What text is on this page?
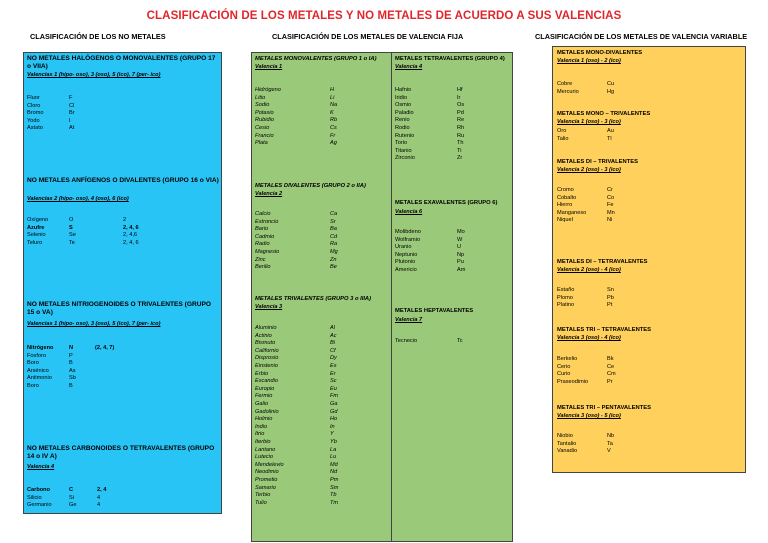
CLASIFICACIÓN DE LOS METALES Y NO METALES DE ACUERDO A SUS VALENCIAS
CLASIFICACIÓN DE LOS NO METALES	CLASIFICACIÓN DE LOS METALES DE VALENCIA FIJA	CLASIFICACIÓN DE LOS METALES DE VALENCIA VARIABLE
NO METALES HALÓGENOS O MONOVALENTES (GRUPO 17 o VIIA)
Valencias 1 (hipo- oso), 3 (oso), 5 (ico), 7 (per- ico)
Fluor	F
Cloro	Cl
Bromo	Br
Yodo	I
Astato	At
NO METALES ANFÍGENOS O DIVALENTES (GRUPO 16 o VIA)
Valencias 2 (hipo- oso), 4 (oso), 6 (ico)
Oxígeno	O	2
Azufre	S	2, 4, 6
Selenio	Se	2, 4,6
Teluro	Te	2, 4, 6
NO METALES NITRIOGENOIDES O TRIVALENTES (GRUPO 15 o VA)
Valencias 1 (hipo- oso), 3 (oso), 5 (ico), 7 (per- ico)
Nitrógeno	N	(2, 4, 7)
Fosforo	P
Boro	B
Arsénico	As
Antimonio	Sb
Boro	B
NO METALES CARBONOIDES O TETRAVALENTES (GRUPO 14 o IV A)
Valencia 4
Carbono	C	2, 4
Silicio	Si	4
Germanio	Ge	4
METALES MONOVALENTES (GRUPO 1 o IA)
Valencia 1
Hidrógeno	H
Litio	Li
Sodio	Na
Potasio	K
Rubidio	Rb
Cesio	Cs
Francio	Fr
Plata	Ag
METALES DIVALENTES (GRUPO 2 o IIA)
Valencia 2
Calcio	Ca
Estroncio	Sr
Bario	Ba
Cadmio	Cd
Radio	Ra
Magnesio	Mg
Zinc	Zn
Berilio	Be
METALES TRIVALENTES (GRUPO 3 o IIIA)
Valencia 3
Aluminio	Al
Actinio	Ac
Bismuto	Bi
Californio	Cf
Disprosio	Dy
Einstenio	Es
Erbio	Er
Escandio	Sc
Europio	Eu
Fermio	Fm
Galio	Ga
Gadolinio	Gd
Holmio	Ho
Indio	In
Itrio	Y
Iterbio	Yb
Lantano	La
Lutecio	Lu
Mendelevio	Md
Neodimio	Nd
Prometio	Pm
Samario	Sm
Terbio	Tb
Tulio	Tm
METALES TETRAVALENTES (GRUPO 4)
Valencia 4
Hafnio	Hf
Iridio	Ir
Osmio	Os
Paladio	Pd
Renio	Re
Rodio	Rh
Rutenio	Ru
Torio	Th
Titanio	Ti
Zirconio	Zr
METALES EXAVALENTES (GRUPO 6)
Valencia 6
Molibdeno	Mo
Wolframio	W
Uranio	U
Neptunio	Np
Plutonio	Pu
Americio	Am
METALES HEPTAVALENTES
Valencia 7
Tecnecio	Tc
METALES MONO-DIVALENTES
Valencia 1 (oso) - 2 (ico)
Cobre	Cu
Mercurio	Hg
METALES MONO – TRIVALENTES
Valencia 1 (oso) - 3 (ico)
Oro	Au
Talio	Tl
METALES DI – TRIVALENTES
Valencia 2 (oso) - 3 (ico)
Cromo	Cr
Cobalto	Co
Hierro	Fe
Manganeso	Mn
Niquel	Ni
METALES DI – TETRAVALENTES
Valencia 2 (oso) - 4 (ico)
Estaño	Sn
Plomo	Pb
Platino	Pt
METALES TRI – TETRAVALENTES
Valencia 3 (oso) - 4 (ico)
Berkelio	Bk
Cerio	Ce
Curio	Cm
Praseodimio	Pr
METALES TRI – PENTAVALENTES
Valencia 3 (oso) - 5 (ico)
Niobio	Nb
Tantalio	Ta
Vanadio	V
